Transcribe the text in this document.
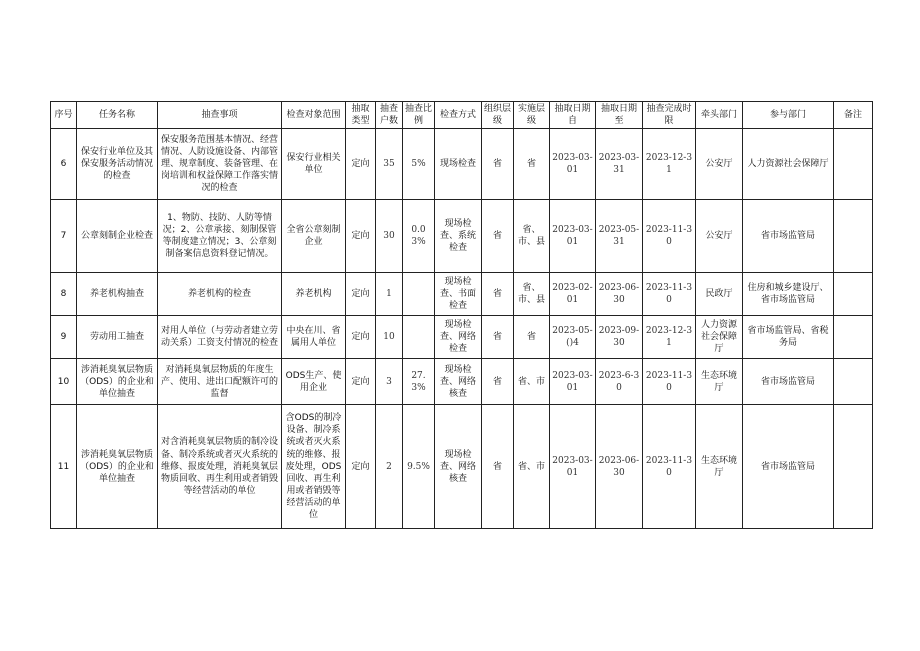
序号	任务名称	抽查事项	检查对象范围	抽取类型	抽查户数	抽查比例	检查方式	组织层级	实施层级	抽取日期自	抽取日期至	抽查完成时限	牵头部门	参与部门	备注
6	保安行业单位及其保安服务活动情况的检查	保安服务范围基本情况、经营情况、人防设施设备、内部管理、规章制度、装备管理、在岗培训和权益保障工作落实情况的检查	保安行业相关单位	定向	35	5%	现场检查	省	省	2023-03-01	2023-03-31	2023-12-31	公安厅	人力资源社会保障厅	
7	公章刻制企业检查	1、物防、技防、人防等情况；2、公章承接、刻制保管等制度建立情况；3、公章刻制备案信息资料登记情况。	全省公章刻制企业	定向	30	0.03%	现场检查、系统检查	省	省、市、县	2023-03-01	2023-05-31	2023-11-30	公安厅	省市场监管局	
8	养老机构抽查	养老机构的检查	养老机构	定向	1		现场检查、书面检查	省	省、市、县	2023-02-01	2023-06-30	2023-11-30	民政厅	住房和城乡建设厅、省市场监管局	
9	劳动用工抽查	对用人单位（与劳动者建立劳动关系）工资支付情况的检查	中央在川、省属用人单位	定向	10		现场检查、网络检查	省	省	2023-05-()4	2023-09-30	2023-12-31	人力资源社会保障厅	省市场监管局、省税务局	
10	涉消耗臭氧层物质（ODS）的企业和单位抽查	对消耗臭氧层物质的年度生产、使用、进出口配额许可的监督	ODS生产、使用企业	定向	3	27.3%	现场检查、网络核查	省	省、市	2023-03-01	2023-6-30	2023-11-30	生态环境厅	省市场监管局	
11	涉消耗臭氧层物质（ODS）的企业和单位抽查	对含消耗臭氧层物质的制冷设备、制冷系统或者灭火系统的维修、报废处理，消耗臭氧层物质回收、再生利用或者销毁等经营活动的单位	含ODS的制冷设备、制冷系统或者灭火系统的维修、报废处理，ODS回收、再生利用或者销毁等经营活动的单位	定向	2	9.5%	现场检查、网络核查	省	省、市	2023-03-01	2023-06-30	2023-11-30	生态环境厅	省市场监管局	
